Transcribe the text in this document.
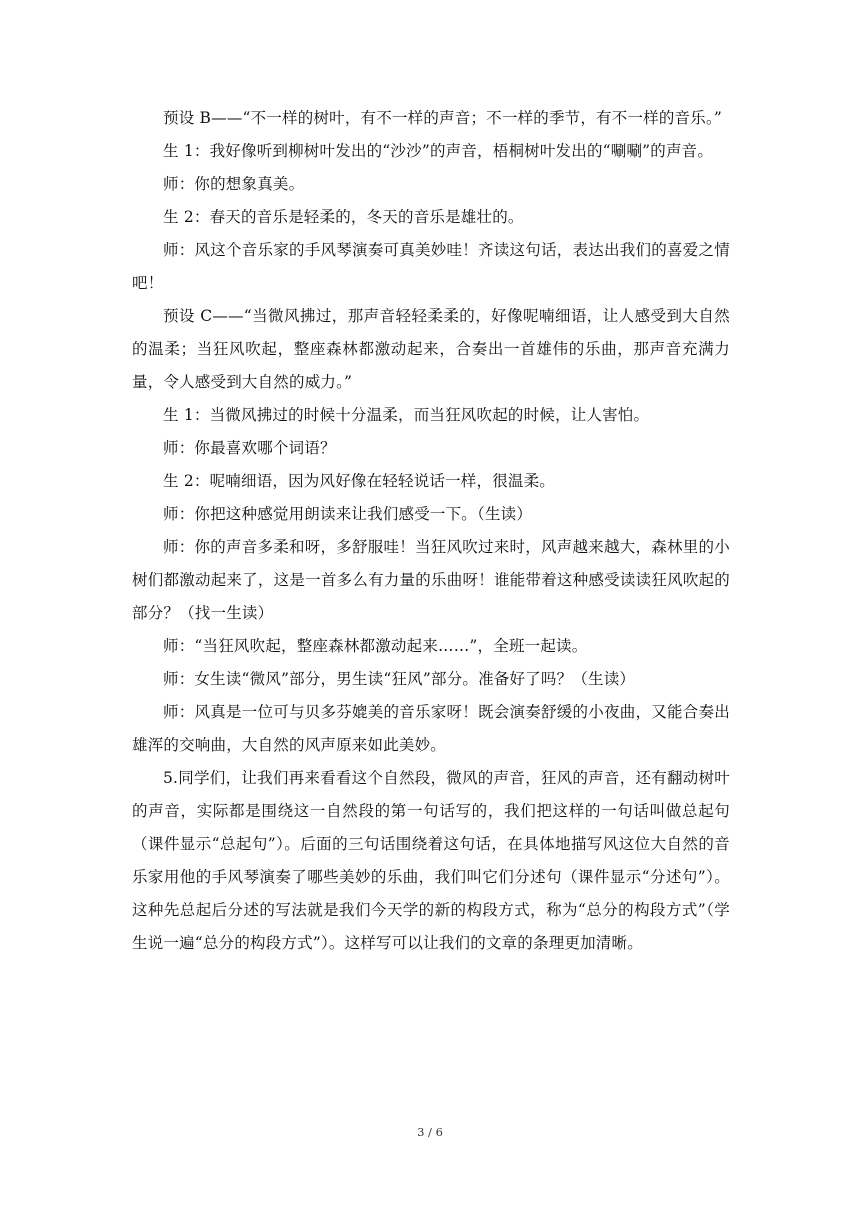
预设 B——“不一样的树叶，有不一样的声音；不一样的季节，有不一样的音乐。”

生 1：我好像听到柳树叶发出的“沙沙”的声音，梧桐树叶发出的“唰唰”的声音。

师：你的想象真美。

生 2：春天的音乐是轻柔的，冬天的音乐是雄壮的。

师：风这个音乐家的手风琴演奏可真美妙哇！齐读这句话，表达出我们的喜爱之情吧！

预设 C——“当微风拂过，那声音轻轻柔柔的，好像呢喃细语，让人感受到大自然的温柔；当狂风吹起，整座森林都激动起来，合奏出一首雄伟的乐曲，那声音充满力量，令人感受到大自然的威力。”

生 1：当微风拂过的时候十分温柔，而当狂风吹起的时候，让人害怕。

师：你最喜欢哪个词语？

生 2：呢喃细语，因为风好像在轻轻说话一样，很温柔。

师：你把这种感觉用朗读来让我们感受一下。（生读）

师：你的声音多柔和呀，多舒服哇！当狂风吹过来时，风声越来越大，森林里的小树们都激动起来了，这是一首多么有力量的乐曲呀！谁能带着这种感受读读狂风吹起的部分？（找一生读）

师：“当狂风吹起，整座森林都激动起来……”，全班一起读。

师：女生读“微风”部分，男生读“狂风”部分。准备好了吗？（生读）

师：风真是一位可与贝多芬媲美的音乐家呀！既会演奏舒缓的小夜曲，又能合奏出雄浑的交响曲，大自然的风声原来如此美妙。

5.同学们，让我们再来看看这个自然段，微风的声音，狂风的声音，还有翻动树叶的声音，实际都是围绕这一自然段的第一句话写的，我们把这样的一句话叫做总起句（课件显示“总起句”）。后面的三句话围绕着这句话，在具体地描写风这位大自然的音乐家用他的手风琴演奏了哪些美妙的乐曲，我们叫它们分述句（课件显示“分述句”）。这种先总起后分述的写法就是我们今天学的新的构段方式，称为“总分的构段方式”（学生说一遍“总分的构段方式”）。这样写可以让我们的文章的条理更加清晰。

3 / 6
